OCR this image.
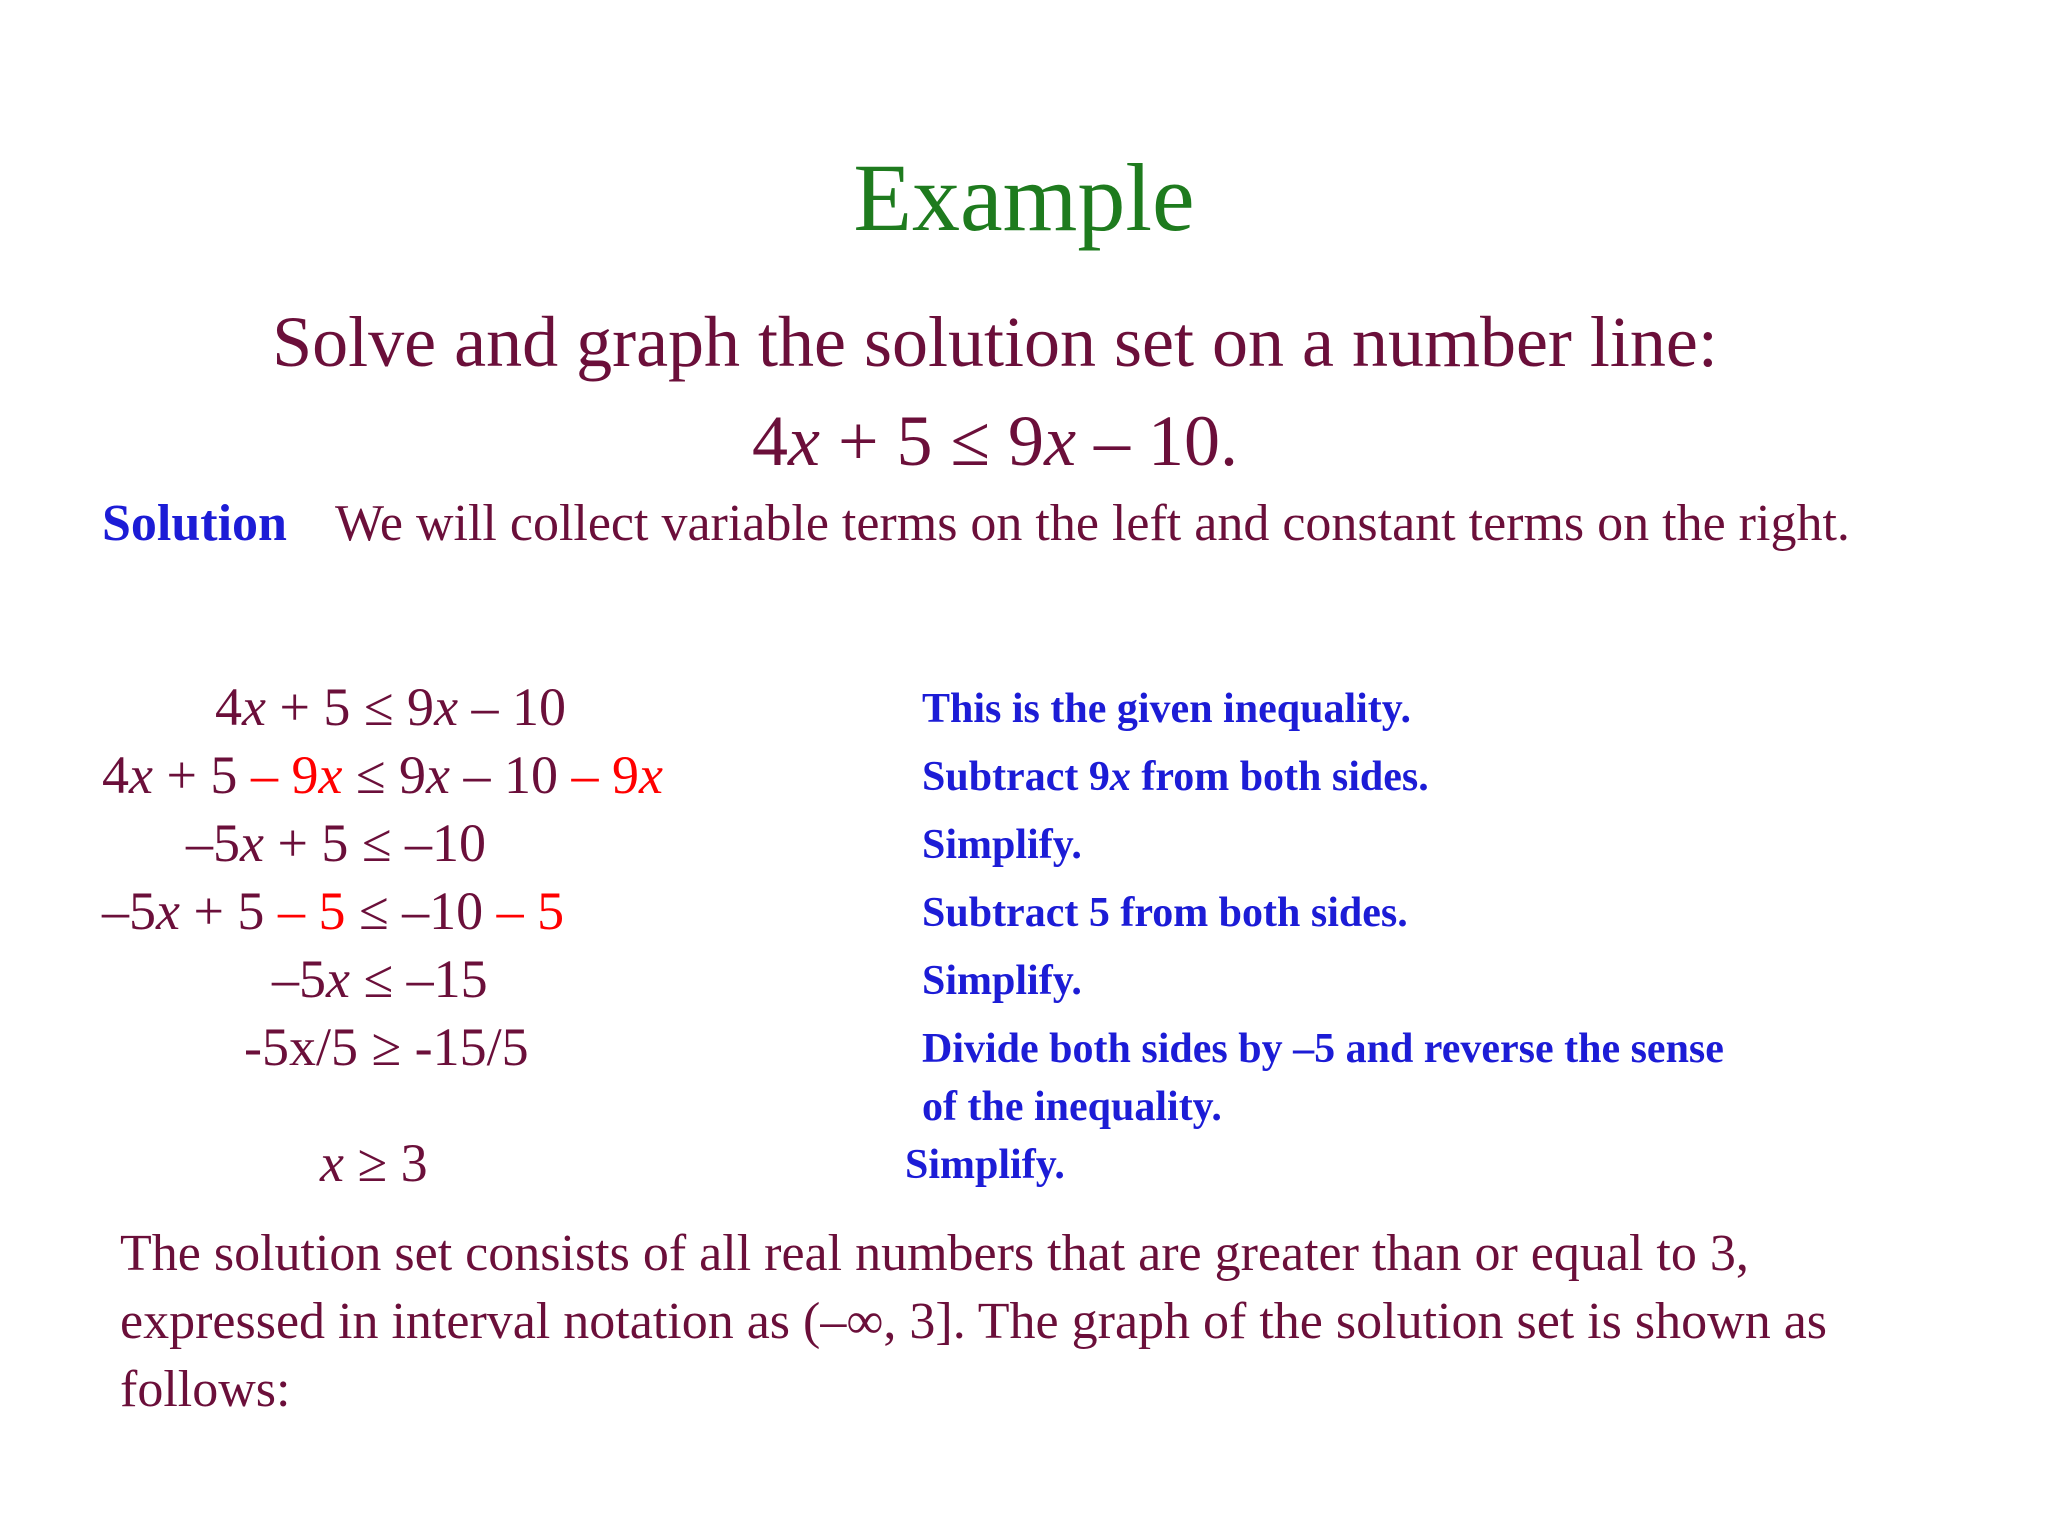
Example
Solve and graph the solution set on a number line:
4x + 5 ≤ 9x – 10.
Solution We will collect variable terms on the left and constant terms on the right.
4x + 5 ≤ 9x – 10	This is the given inequality.
4x + 5 – 9x ≤ 9x – 10 – 9x	Subtract 9x from both sides.
–5x + 5 ≤ –10	Simplify.
–5x + 5 – 5 ≤ –10 – 5	Subtract 5 from both sides.
–5x ≤ –15	Simplify.
-5x/5 ≥ -15/5	Divide both sides by –5 and reverse the sense
of the inequality.
x ≥ 3	Simplify.
The solution set consists of all real numbers that are greater than or equal to 3, expressed in interval notation as (–∞, 3]. The graph of the solution set is shown as follows:
